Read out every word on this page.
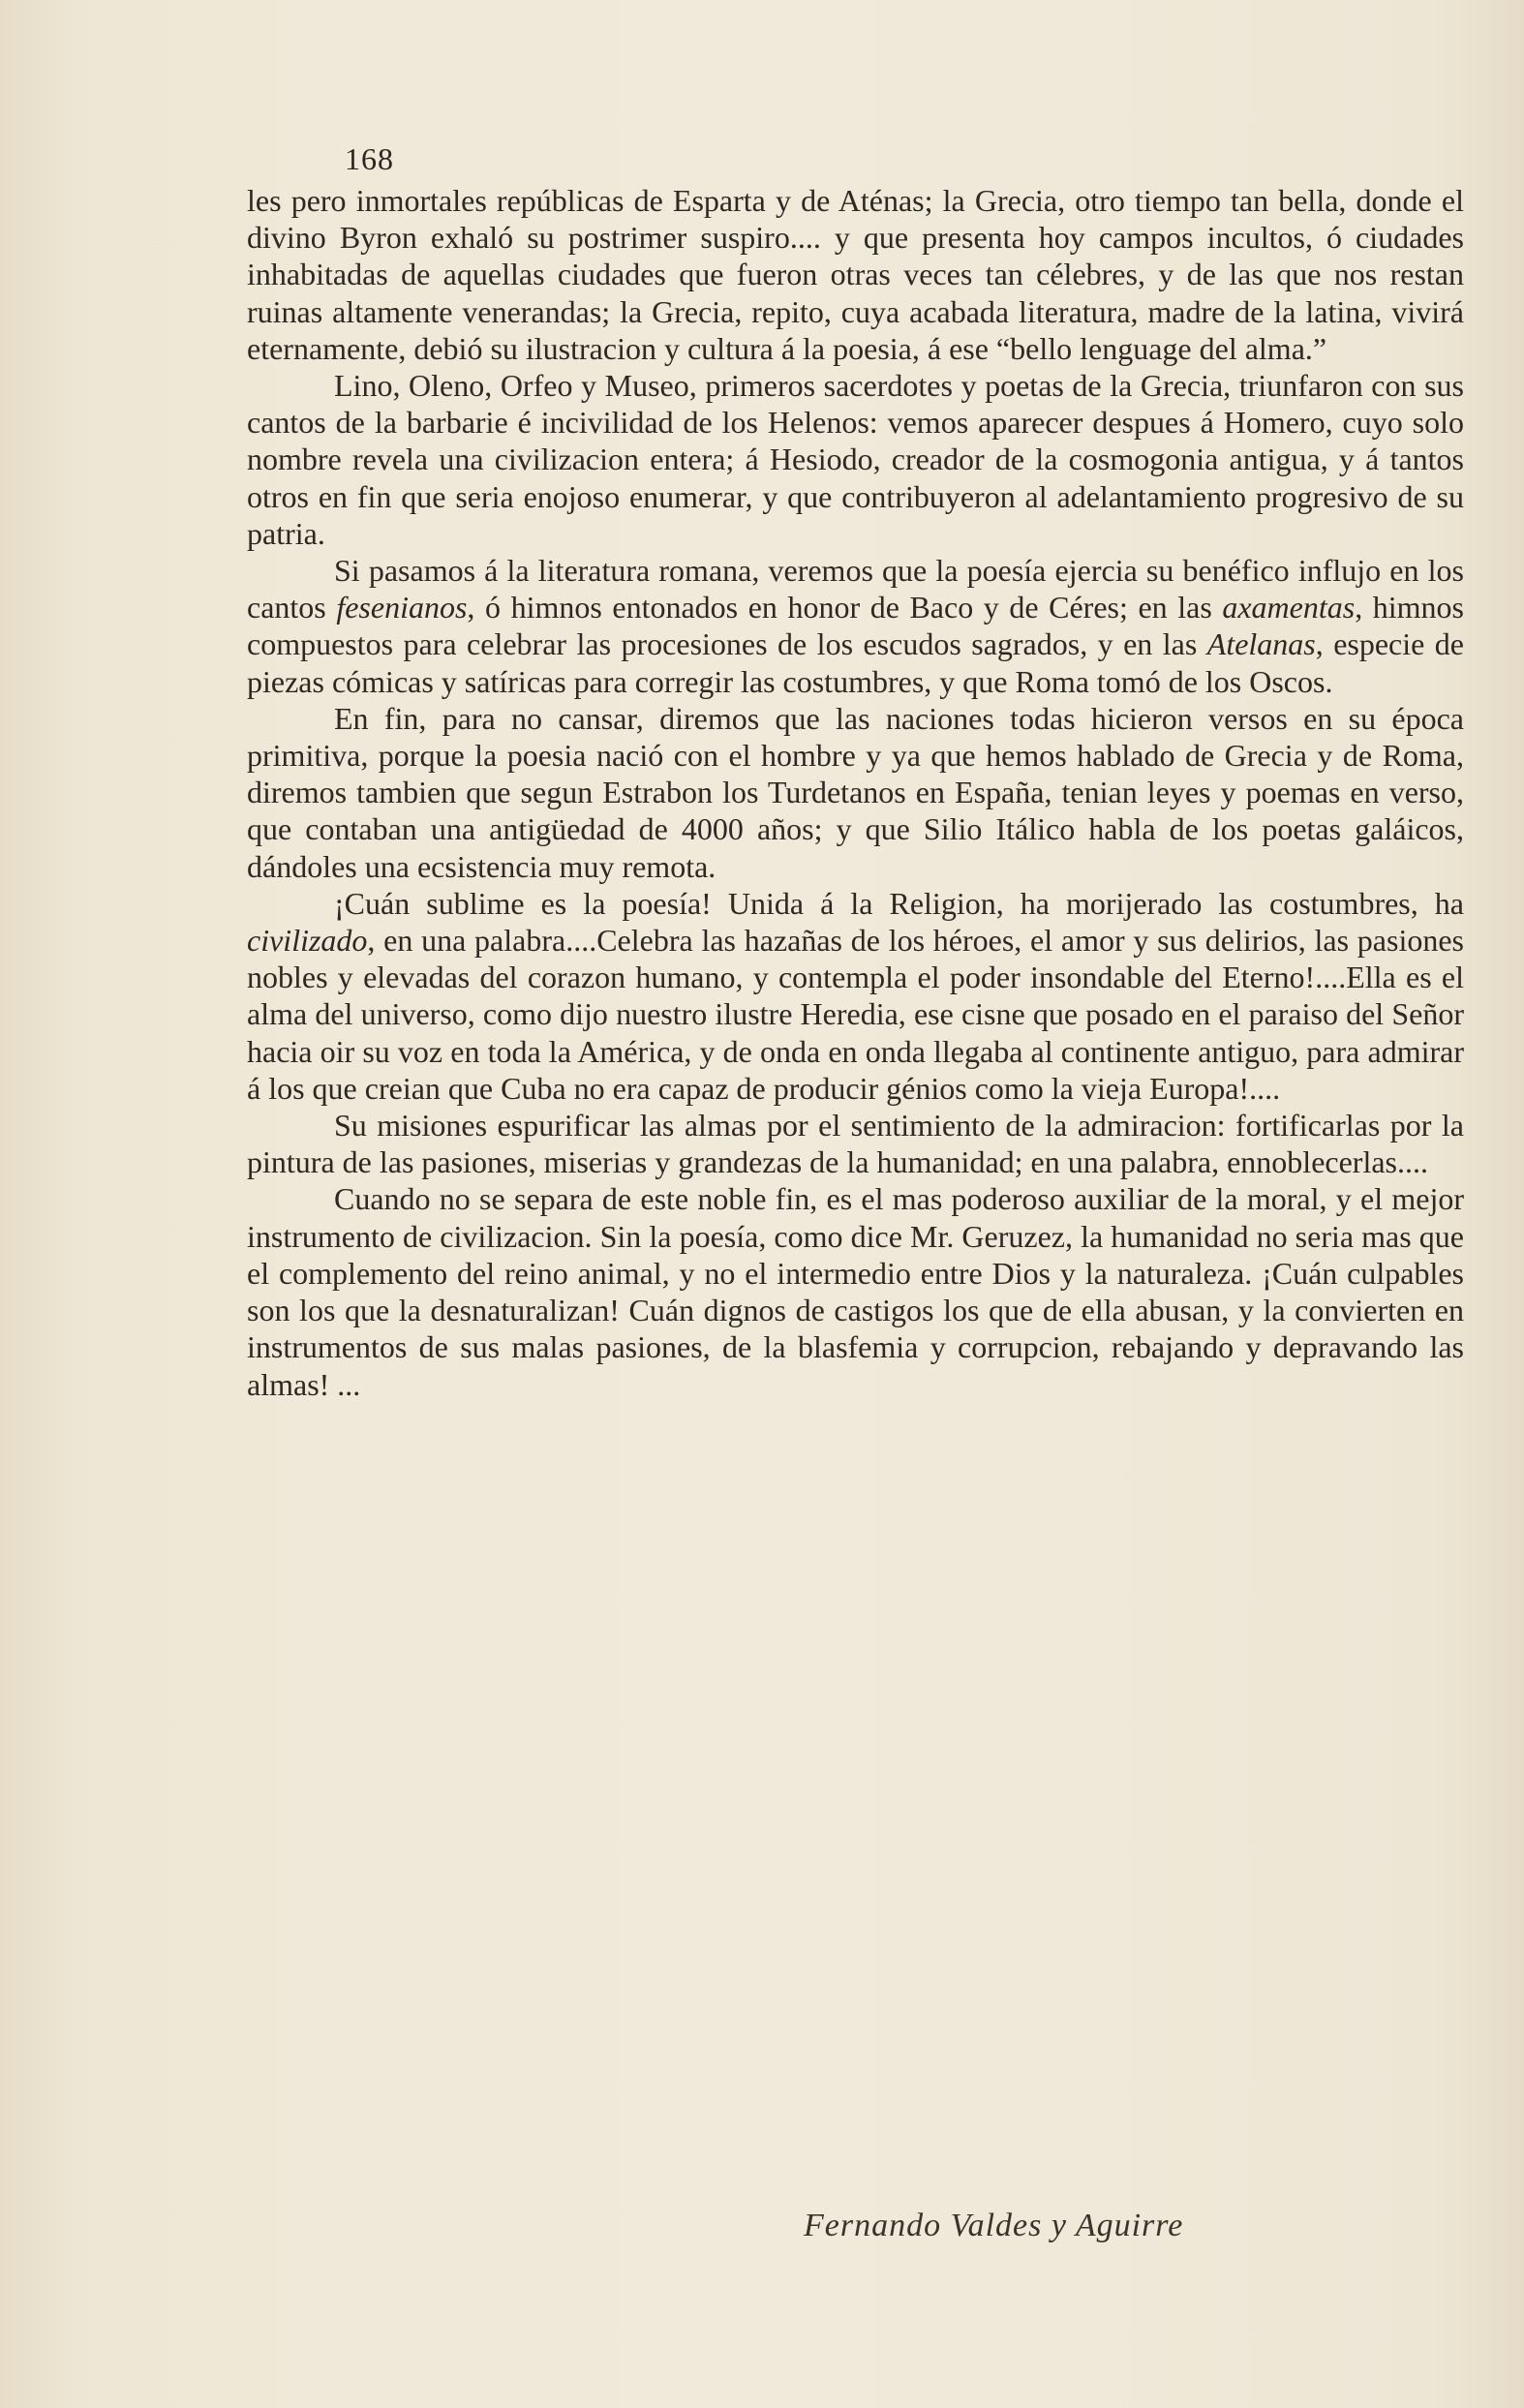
168

les pero inmortales repúblicas de Esparta y de Aténas; la Grecia, otro tiempo tan bella, donde el divino Byron exhaló su postrimer suspiro.... y que presenta hoy campos incultos, ó ciudades inhabitadas de aquellas ciudades que fueron otras veces tan célebres, y de las que nos restan ruinas altamente venerandas; la Grecia, repito, cuya acabada literatura, madre de la latina, vivirá eternamente, debió su ilustracion y cultura á la poesia, á ese “bello lenguage del alma.”

Lino, Oleno, Orfeo y Museo, primeros sacerdotes y poetas de la Grecia, triunfaron con sus cantos de la barbarie é incivilidad de los Helenos: vemos aparecer despues á Homero, cuyo solo nombre revela una civilizacion entera; á Hesiodo, creador de la cosmogonia antigua, y á tantos otros en fin que seria enojoso enumerar, y que contribuyeron al adelantamiento progresivo de su patria.

Si pasamos á la literatura romana, veremos que la poesía ejercia su benéfico influjo en los cantos fesenianos, ó himnos entonados en honor de Baco y de Céres; en las axamentas, himnos compuestos para celebrar las procesiones de los escudos sagrados, y en las Atelanas, especie de piezas cómicas y satíricas para corregir las costumbres, y que Roma tomó de los Oscos.

En fin, para no cansar, diremos que las naciones todas hicieron versos en su época primitiva, porque la poesia nació con el hombre y ya que hemos hablado de Grecia y de Roma, diremos tambien que segun Estrabon los Turdetanos en España, tenian leyes y poemas en verso, que contaban una antigüedad de 4000 años; y que Silio Itálico habla de los poetas galáicos, dándoles una ecsistencia muy remota.

¡Cuán sublime es la poesía! Unida á la Religion, ha morijerado las costumbres, ha civilizado, en una palabra....Celebra las hazañas de los héroes, el amor y sus delirios, las pasiones nobles y elevadas del corazon humano, y contempla el poder insondable del Eterno!....Ella es el alma del universo, como dijo nuestro ilustre Heredia, ese cisne que posado en el paraiso del Señor hacia oir su voz en toda la América, y de onda en onda llegaba al continente antiguo, para admirar á los que creian que Cuba no era capaz de producir génios como la vieja Europa!....

Su misiones espurificar las almas por el sentimiento de la admiracion: fortificarlas por la pintura de las pasiones, miserias y grandezas de la humanidad; en una palabra, ennoblecerlas....

Cuando no se separa de este noble fin, es el mas poderoso auxiliar de la moral, y el mejor instrumento de civilizacion. Sin la poesía, como dice Mr. Geruzez, la humanidad no seria mas que el complemento del reino animal, y no el intermedio entre Dios y la naturaleza. ¡Cuán culpables son los que la desnaturalizan! Cuán dignos de castigos los que de ella abusan, y la convierten en instrumentos de sus malas pasiones, de la blasfemia y corrupcion, rebajando y depravando las almas! ...

Fernando Valdes y Aguirre
